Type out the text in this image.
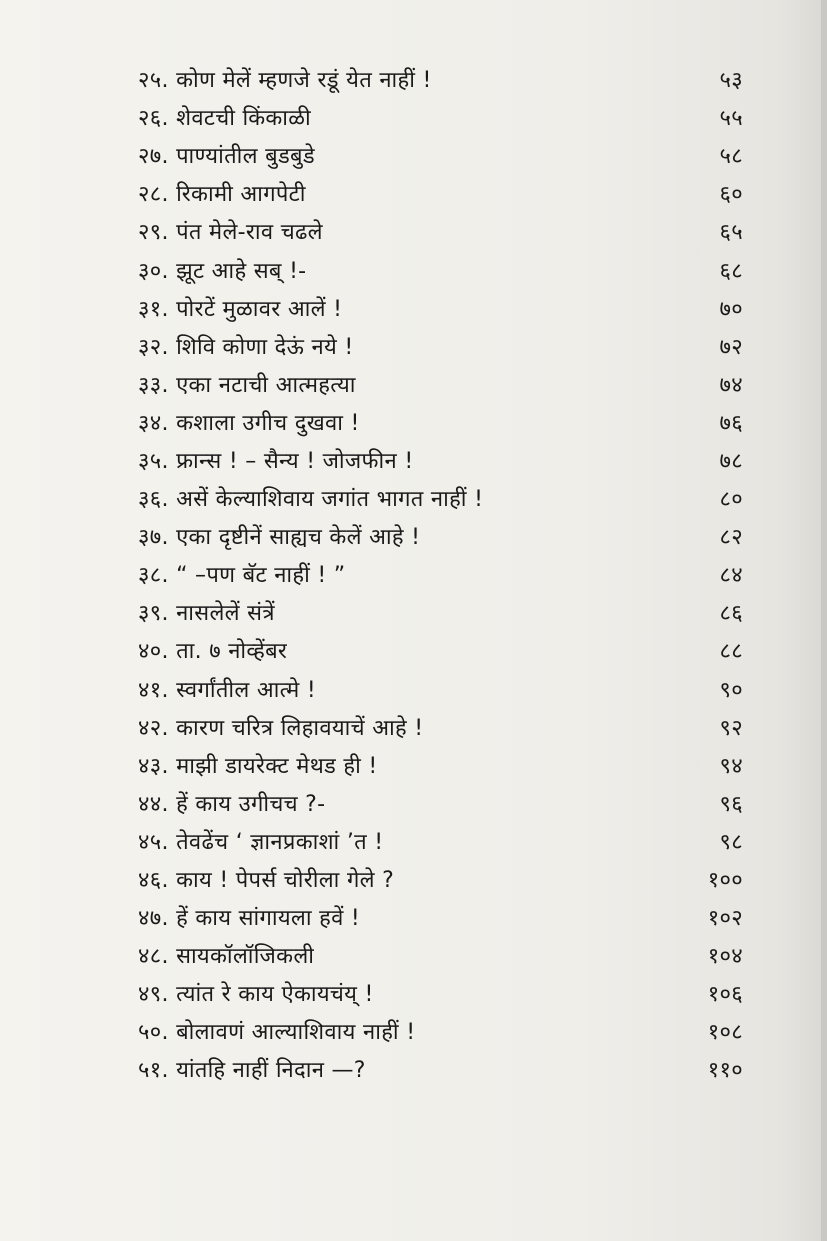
२५. कोण मेलें म्हणजे रडूं येत नाहीं !	५३
२६. शेवटची किंकाळी	५५
२७. पाण्यांतील बुडबुडे	५८
२८. रिकामी आगपेटी	६०
२९. पंत मेले-राव चढले	६५
३०. झूट आहे सब् !-	६८
३१. पोरटें मुळावर आलें !	७०
३२. शिवि कोणा देऊं नये !	७२
३३. एका नटाची आत्महत्या	७४
३४. कशाला उगीच दुखवा !	७६
३५. फ्रान्स ! – सैन्य ! जोजफीन !	७८
३६. असें केल्याशिवाय जगांत भागत नाहीं !	८०
३७. एका दृष्टीनें साह्यच केलें आहे !	८२
३८. “ –पण बॅट नाहीं ! ”	८४
३९. नासलेलें संत्रें	८६
४०. ता. ७ नोव्हेंबर	८८
४१. स्वर्गांतील आत्मे !	९०
४२. कारण चरित्र लिहावयाचें आहे !	९२
४३. माझी डायरेक्ट मेथड ही !	९४
४४. हें काय उगीचच ?-	९६
४५. तेवढेंच ‘ ज्ञानप्रकाशां ’त !	९८
४६. काय ! पेपर्स चोरीला गेले ?	१००
४७. हें काय सांगायला हवें !	१०२
४८. सायकॉलॉजिकली	१०४
४९. त्यांत रे काय ऐकायचंय् !	१०६
५०. बोलावणं आल्याशिवाय नाहीं !	१०८
५१. यांतहि नाहीं निदान —?	११०
